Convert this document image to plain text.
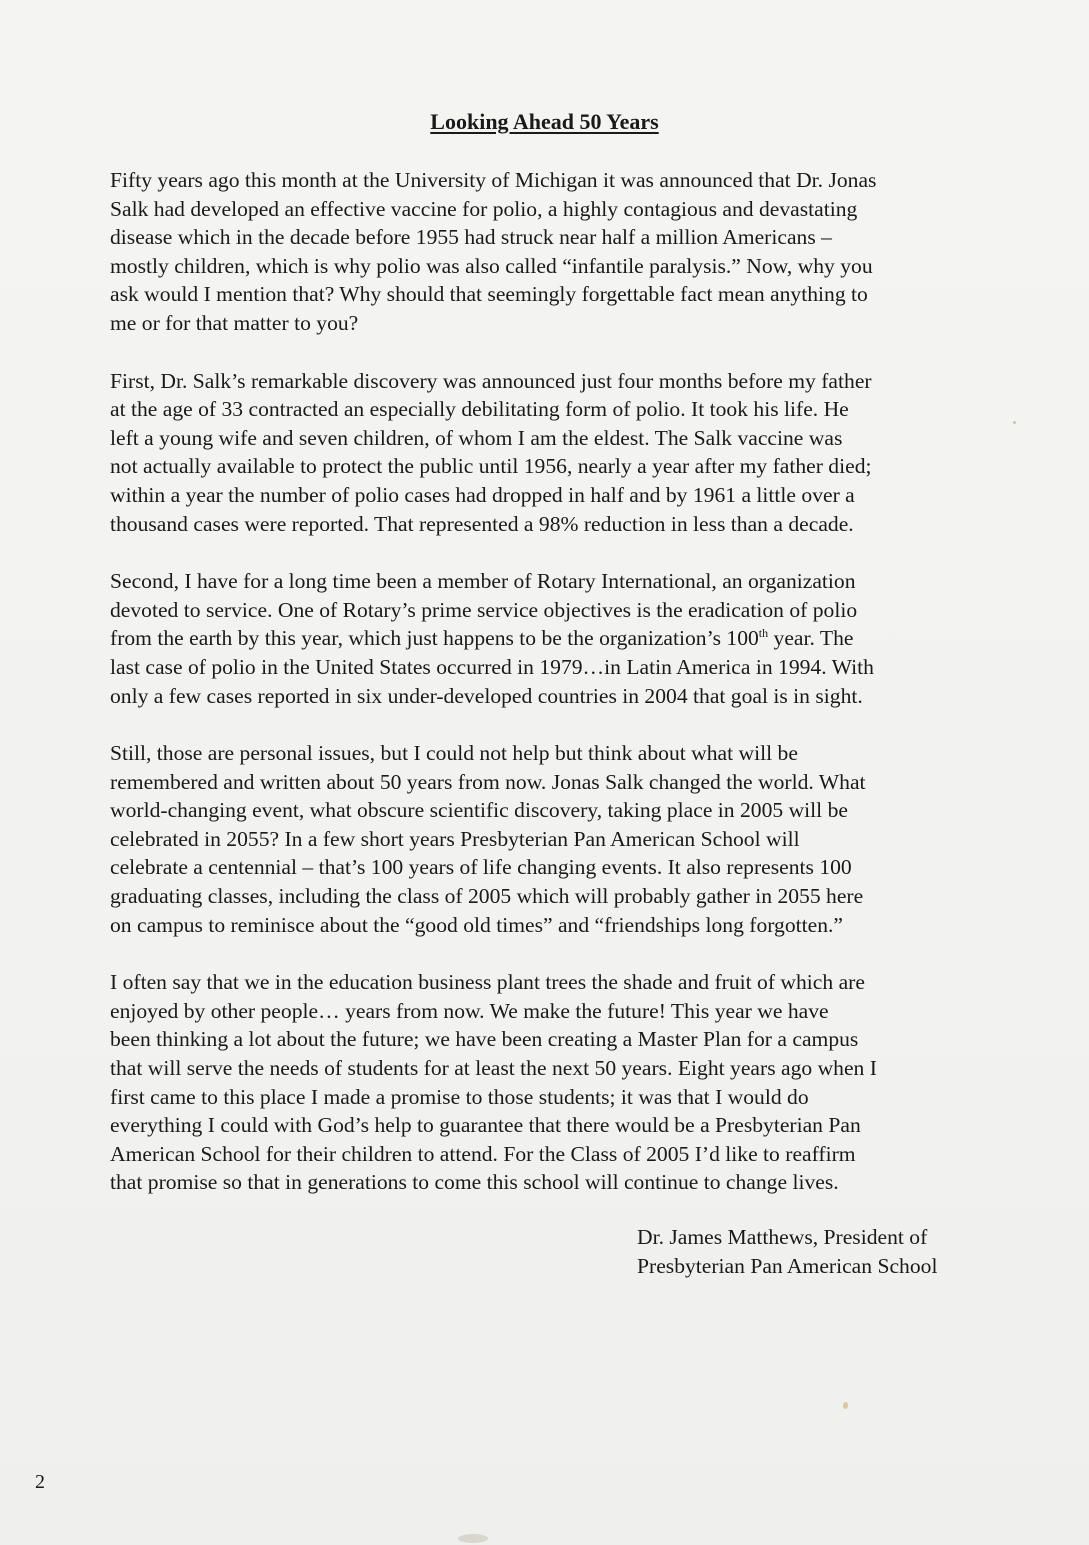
Looking Ahead 50 Years

Fifty years ago this month at the University of Michigan it was announced that Dr. Jonas
Salk had developed an effective vaccine for polio, a highly contagious and devastating
disease which in the decade before 1955 had struck near half a million Americans –
mostly children, which is why polio was also called “infantile paralysis.” Now, why you
ask would I mention that? Why should that seemingly forgettable fact mean anything to
me or for that matter to you?

First, Dr. Salk’s remarkable discovery was announced just four months before my father
at the age of 33 contracted an especially debilitating form of polio. It took his life. He
left a young wife and seven children, of whom I am the eldest. The Salk vaccine was
not actually available to protect the public until 1956, nearly a year after my father died;
within a year the number of polio cases had dropped in half and by 1961 a little over a
thousand cases were reported. That represented a 98% reduction in less than a decade.

Second, I have for a long time been a member of Rotary International, an organization
devoted to service. One of Rotary’s prime service objectives is the eradication of polio
from the earth by this year, which just happens to be the organization’s 100th year. The
last case of polio in the United States occurred in 1979…in Latin America in 1994. With
only a few cases reported in six under-developed countries in 2004 that goal is in sight.

Still, those are personal issues, but I could not help but think about what will be
remembered and written about 50 years from now. Jonas Salk changed the world. What
world-changing event, what obscure scientific discovery, taking place in 2005 will be
celebrated in 2055? In a few short years Presbyterian Pan American School will
celebrate a centennial – that’s 100 years of life changing events. It also represents 100
graduating classes, including the class of 2005 which will probably gather in 2055 here
on campus to reminisce about the “good old times” and “friendships long forgotten.”

I often say that we in the education business plant trees the shade and fruit of which are
enjoyed by other people… years from now. We make the future! This year we have
been thinking a lot about the future; we have been creating a Master Plan for a campus
that will serve the needs of students for at least the next 50 years. Eight years ago when I
first came to this place I made a promise to those students; it was that I would do
everything I could with God’s help to guarantee that there would be a Presbyterian Pan
American School for their children to attend. For the Class of 2005 I’d like to reaffirm
that promise so that in generations to come this school will continue to change lives.

Dr. James Matthews, President of
Presbyterian Pan American School
2
